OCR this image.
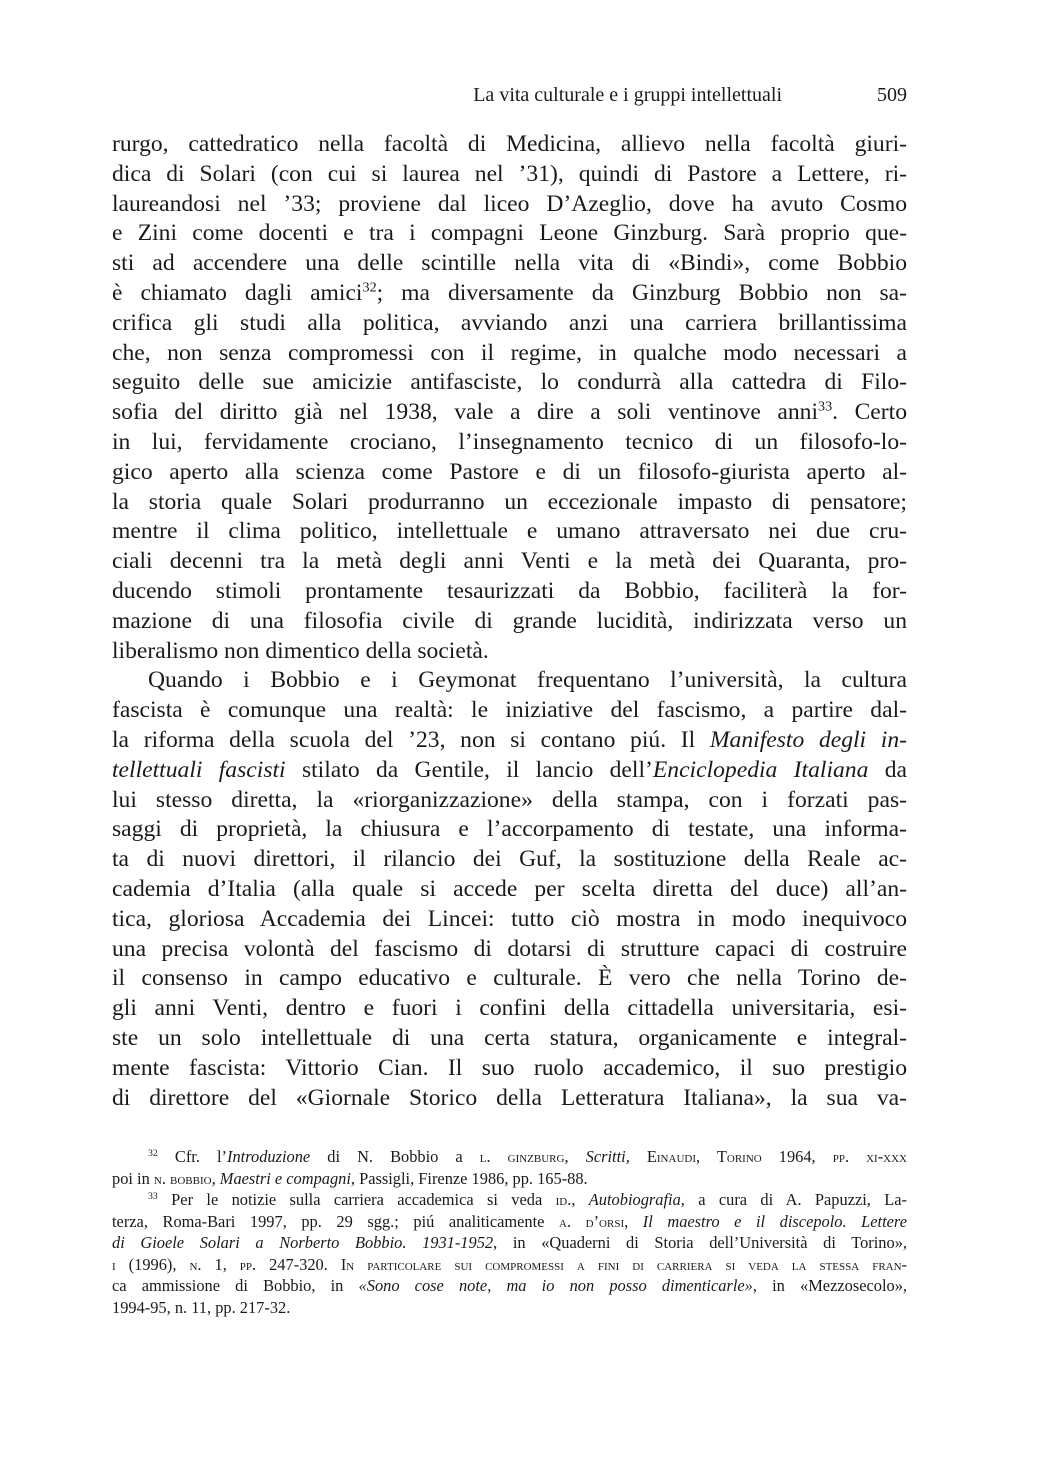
La vita culturale e i gruppi intellettuali	509
rurgo, cattedratico nella facoltà di Medicina, allievo nella facoltà giuri-
dica di Solari (con cui si laurea nel ’31), quindi di Pastore a Lettere, ri-
laureandosi nel ’33; proviene dal liceo D’Azeglio, dove ha avuto Cosmo
e Zini come docenti e tra i compagni Leone Ginzburg. Sarà proprio que-
sti ad accendere una delle scintille nella vita di «Bindi», come Bobbio
è chiamato dagli amici$^{32}$; ma diversamente da Ginzburg Bobbio non sa-
crifica gli studi alla politica, avviando anzi una carriera brillantissima
che, non senza compromessi con il regime, in qualche modo necessari a
seguito delle sue amicizie antifasciste, lo condurrà alla cattedra di Filo-
sofia del diritto già nel 1938, vale a dire a soli ventinove anni$^{33}$. Certo
in lui, fervidamente crociano, l’insegnamento tecnico di un filosofo-lo-
gico aperto alla scienza come Pastore e di un filosofo-giurista aperto al-
la storia quale Solari produrranno un eccezionale impasto di pensatore;
mentre il clima politico, intellettuale e umano attraversato nei due cru-
ciali decenni tra la metà degli anni Venti e la metà dei Quaranta, pro-
ducendo stimoli prontamente tesaurizzati da Bobbio, faciliterà la for-
mazione di una filosofia civile di grande lucidità, indirizzata verso un
liberalismo non dimentico della società.
Quando i Bobbio e i Geymonat frequentano l’università, la cultura
fascista è comunque una realtà: le iniziative del fascismo, a partire dal-
la riforma della scuola del ’23, non si contano piú. Il Manifesto degli in-
tellettuali fascisti stilato da Gentile, il lancio dell’Enciclopedia Italiana da
lui stesso diretta, la «riorganizzazione» della stampa, con i forzati pas-
saggi di proprietà, la chiusura e l’accorpamento di testate, una informa-
ta di nuovi direttori, il rilancio dei Guf, la sostituzione della Reale ac-
cademia d’Italia (alla quale si accede per scelta diretta del duce) all’an-
tica, gloriosa Accademia dei Lincei: tutto ciò mostra in modo inequivoco
una precisa volontà del fascismo di dotarsi di strutture capaci di costruire
il consenso in campo educativo e culturale. È vero che nella Torino de-
gli anni Venti, dentro e fuori i confini della cittadella universitaria, esi-
ste un solo intellettuale di una certa statura, organicamente e integral-
mente fascista: Vittorio Cian. Il suo ruolo accademico, il suo prestigio
di direttore del «Giornale Storico della Letteratura Italiana», la sua va-
$^{32}$ Cfr. l’Introduzione di N. Bobbio a l. ginzburg, Scritti, Einaudi, Torino 1964, pp. xi-xxx
poi in n. bobbio, Maestri e compagni, Passigli, Firenze 1986, pp. 165-88.
$^{33}$ Per le notizie sulla carriera accademica si veda id., Autobiografia, a cura di A. Papuzzi, La-
terza, Roma-Bari 1997, pp. 29 sgg.; piú analiticamente a. d’orsi, Il maestro e il discepolo. Lettere
di Gioele Solari a Norberto Bobbio. 1931-1952, in «Quaderni di Storia dell’Università di Torino»,
i (1996), n. 1, pp. 247-320. In particolare sui compromessi a fini di carriera si veda la stessa fran-
ca ammissione di Bobbio, in «Sono cose note, ma io non posso dimenticarle», in «Mezzosecolo»,
1994-95, n. 11, pp. 217-32.
